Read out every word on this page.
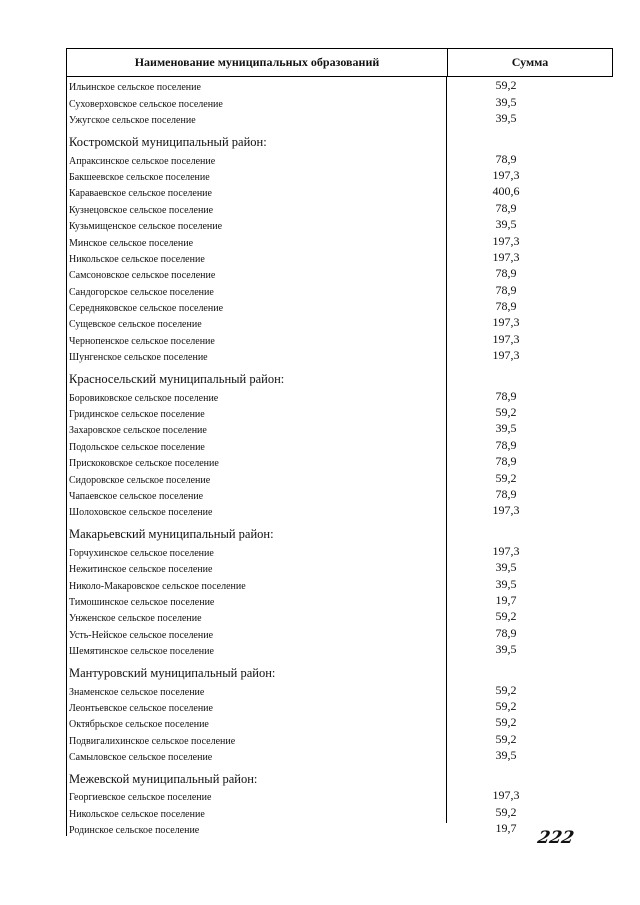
Наименование муниципальных образований	Сумма
Ильинское сельское поселение	59,2
Суховерховское сельское поселение	39,5
Ужугское сельское поселение	39,5
Костромской муниципальный район:
Апраксинское сельское поселение	78,9
Бакшеевское сельское поселение	197,3
Караваевское сельское поселение	400,6
Кузнецовское сельское поселение	78,9
Кузьмищенское сельское поселение	39,5
Минское сельское поселение	197,3
Никольское сельское поселение	197,3
Самсоновское сельское поселение	78,9
Сандогорское сельское поселение	78,9
Середняковское сельское поселение	78,9
Сущевское сельское поселение	197,3
Чернопенское сельское поселение	197,3
Шунгенское сельское поселение	197,3
Красносельский муниципальный район:
Боровиковское сельское поселение	78,9
Гридинское сельское поселение	59,2
Захаровское сельское поселение	39,5
Подольское сельское поселение	78,9
Прискоковское сельское поселение	78,9
Сидоровское сельское поселение	59,2
Чапаевское сельское поселение	78,9
Шолоховское сельское поселение	197,3
Макарьевский муниципальный район:
Горчухинское сельское поселение	197,3
Нежитинское сельское поселение	39,5
Николо-Макаровское сельское поселение	39,5
Тимошинское сельское поселение	19,7
Унженское сельское поселение	59,2
Усть-Нейское сельское поселение	78,9
Шемятинское сельское поселение	39,5
Мантуровский муниципальный район:
Знаменское сельское поселение	59,2
Леонтьевское сельское поселение	59,2
Октябрьское сельское поселение	59,2
Подвигалихинское сельское поселение	59,2
Самыловское сельское поселение	39,5
Межевской муниципальный район:
Георгиевское сельское поселение	197,3
Никольское сельское поселение	59,2
Родинское сельское поселение	19,7	222
